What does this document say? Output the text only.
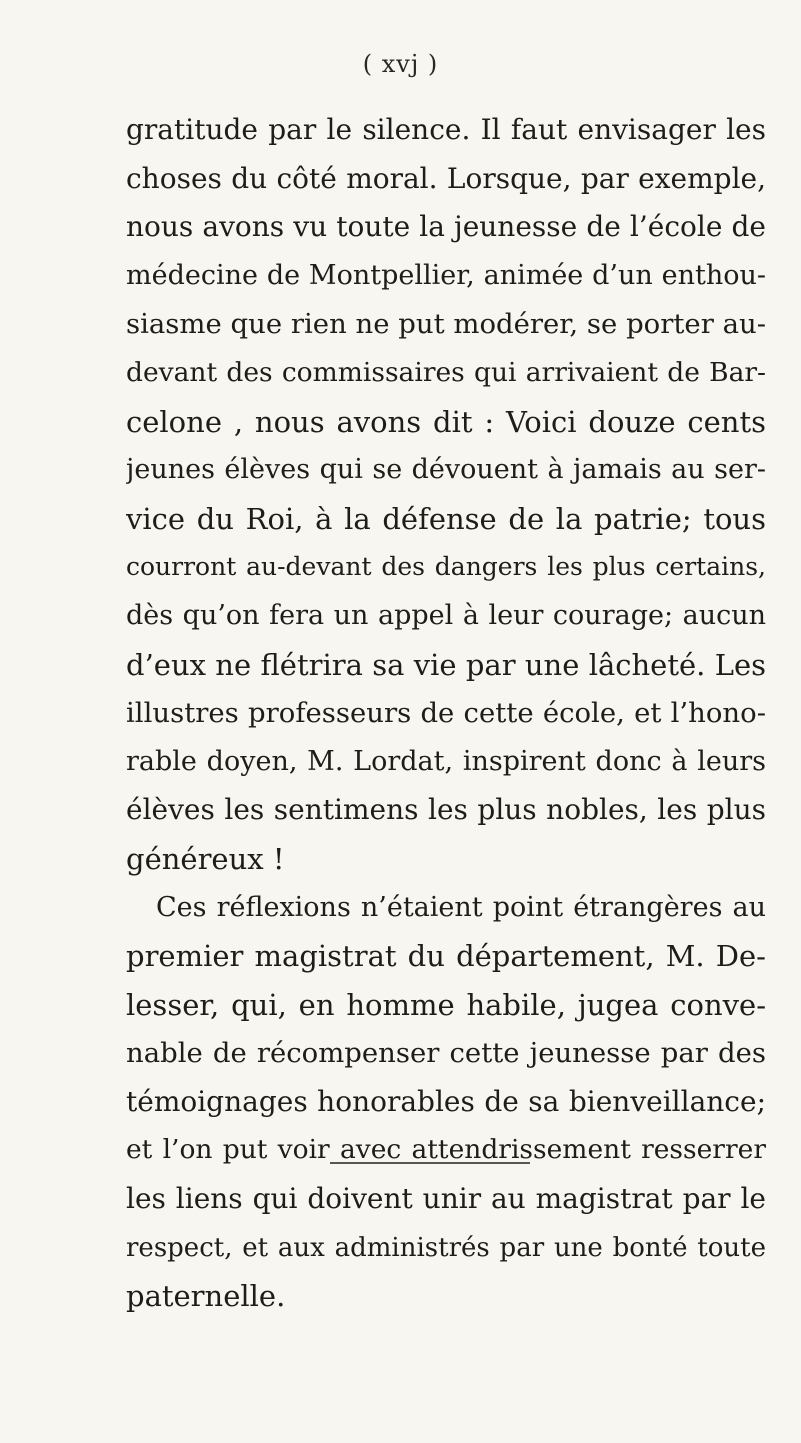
( xvj )
gratitude par le silence. Il faut envisager les
choses du côté moral. Lorsque, par exemple,
nous avons vu toute la jeunesse de l’école de
médecine de Montpellier, animée d’un enthou-
siasme que rien ne put modérer, se porter au-
devant des commissaires qui arrivaient de Bar-
celone , nous avons dit : Voici douze cents
jeunes élèves qui se dévouent à jamais au ser-
vice du Roi, à la défense de la patrie; tous
courront au-devant des dangers les plus certains,
dès qu’on fera un appel à leur courage; aucun
d’eux ne flétrira sa vie par une lâcheté. Les
illustres professeurs de cette école, et l’hono-
rable doyen, M. Lordat, inspirent donc à leurs
élèves les sentimens les plus nobles, les plus
généreux !
Ces réflexions n’étaient point étrangères au
premier magistrat du département, M. De-
lesser, qui, en homme habile, jugea conve-
nable de récompenser cette jeunesse par des
témoignages honorables de sa bienveillance;
et l’on put voir avec attendrissement resserrer
les liens qui doivent unir au magistrat par le
respect, et aux administrés par une bonté toute
paternelle.
